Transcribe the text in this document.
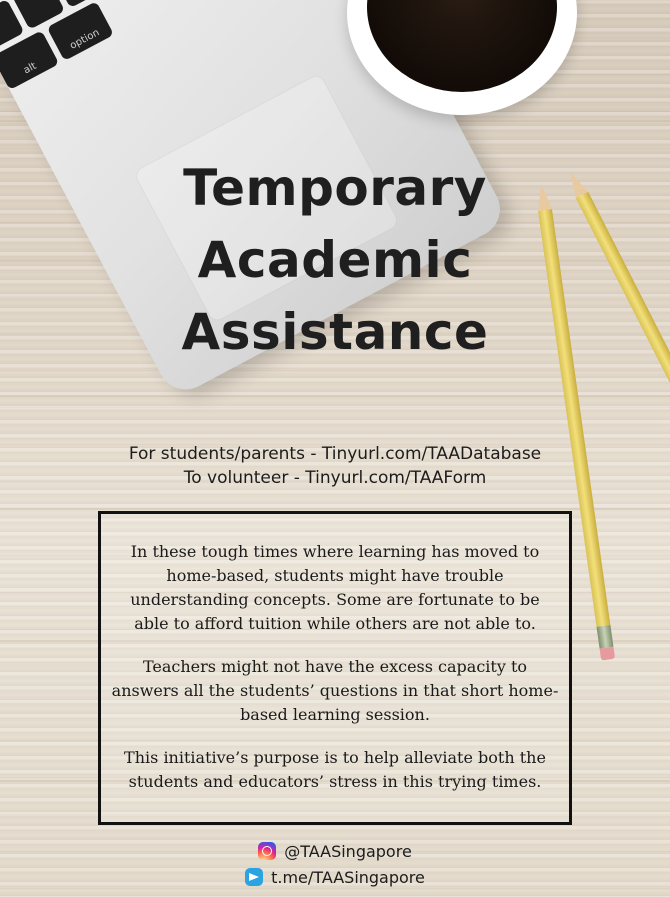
alt
option
Temporary
Academic
Assistance
For students/parents - Tinyurl.com/TAADatabase
To volunteer - Tinyurl.com/TAAForm

In these tough times where learning has moved to home-based, students might have trouble understanding concepts. Some are fortunate to be able to afford tuition while others are not able to.

Teachers might not have the excess capacity to answers all the students’ questions in that short home-based learning session.

This initiative’s purpose is to help alleviate both the students and educators’ stress in this trying times.

@TAASingapore
t.me/TAASingapore
